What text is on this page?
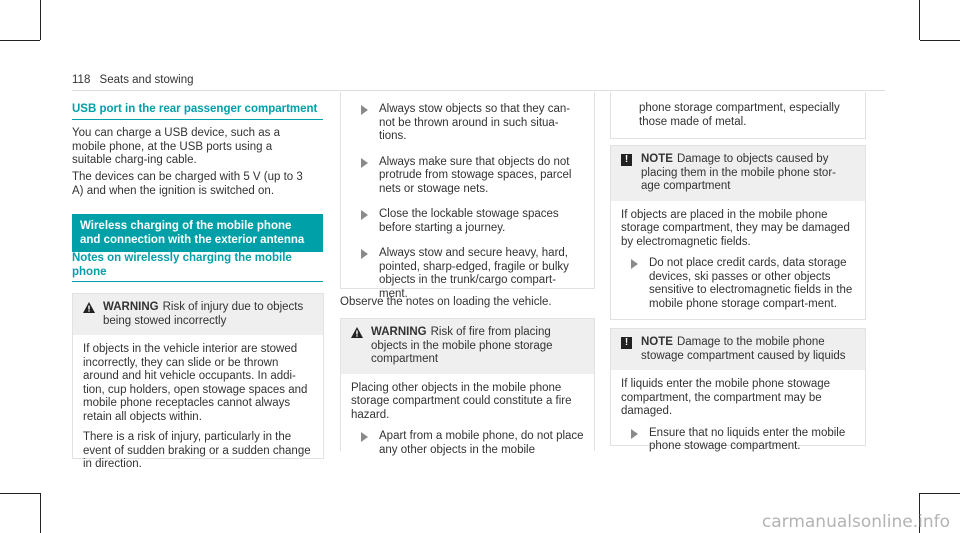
118 Seats and stowing
USB port in the rear passenger compartment

You can charge a USB device, such as a mobile phone, at the USB ports using a suitable charg-ing cable.

The devices can be charged with 5 V (up to 3 A) and when the ignition is switched on.

Wireless charging of the mobile phone and connection with the exterior antenna
Notes on wirelessly charging the mobile phone
WARNING Risk of injury due to objects being stowed incorrectly

If objects in the vehicle interior are stowed incorrectly, they can slide or be thrown around and hit vehicle occupants. In addi-tion, cup holders, open stowage spaces and mobile phone receptacles cannot always retain all objects within.

There is a risk of injury, particularly in the event of sudden braking or a sudden change in direction.

Always stow objects so that they can-not be thrown around in such situa-tions.
Always make sure that objects do not protrude from stowage spaces, parcel nets or stowage nets.
Close the lockable stowage spaces before starting a journey.
Always stow and secure heavy, hard, pointed, sharp-edged, fragile or bulky objects in the trunk/cargo compart-ment.

Observe the notes on loading the vehicle.

WARNING Risk of fire from placing objects in the mobile phone storage compartment

Placing other objects in the mobile phone storage compartment could constitute a fire hazard.

Apart from a mobile phone, do not place any other objects in the mobile
phone storage compartment, especially those made of metal.
!	NOTE Damage to objects caused by placing them in the mobile phone stor-age compartment

If objects are placed in the mobile phone storage compartment, they may be damaged by electromagnetic fields.

Do not place credit cards, data storage devices, ski passes or other objects sensitive to electromagnetic fields in the mobile phone storage compart-ment.
!	NOTE Damage to the mobile phone stowage compartment caused by liquids

If liquids enter the mobile phone stowage compartment, the compartment may be damaged.

Ensure that no liquids enter the mobile phone stowage compartment.
carmanualsonline.info
